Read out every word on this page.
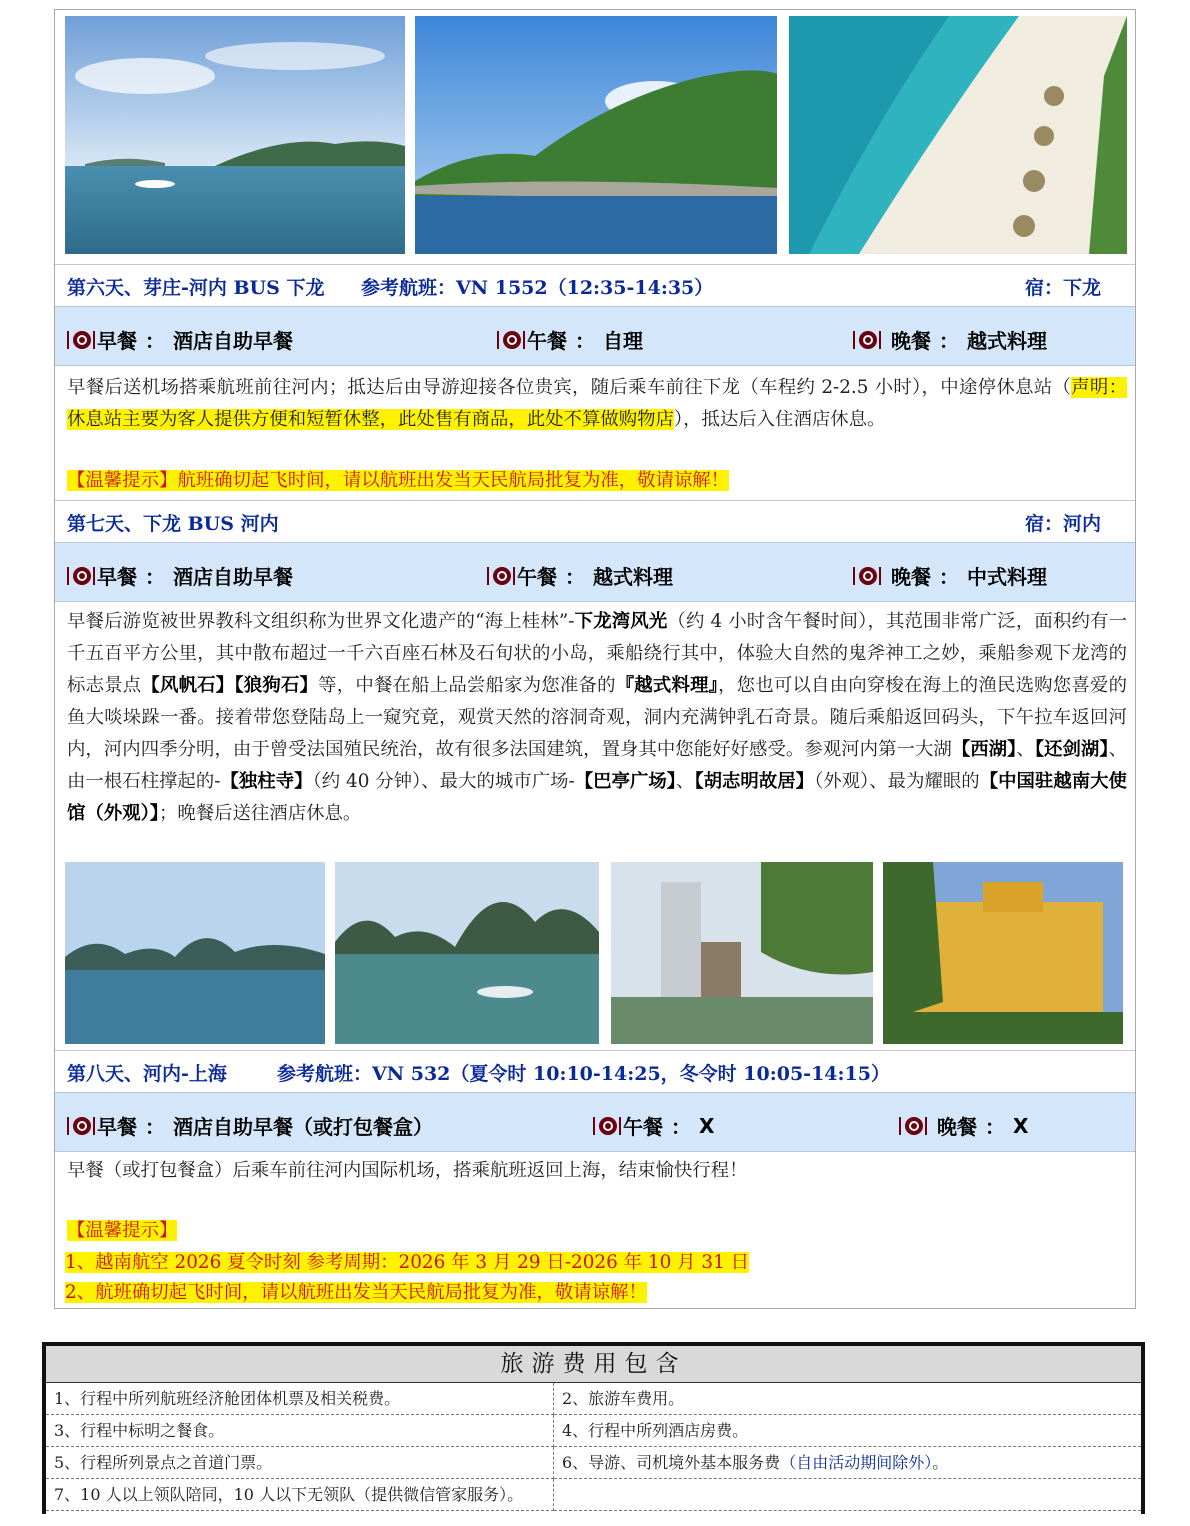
第六天、芽庄-河内 BUS 下龙 参考航班：VN 1552（12:35-14:35）	宿：下龙
早餐 ： 酒店自助早餐	午餐 ： 自理	晚餐 ： 越式料理
早餐后送机场搭乘航班前往河内；抵达后由导游迎接各位贵宾，随后乘车前往下龙（车程约 2-2.5 小时），中途停休息站（声明：休息站主要为客人提供方便和短暂休整，此处售有商品，此处不算做购物店），抵达后入住酒店休息。
【温馨提示】航班确切起飞时间，请以航班出发当天民航局批复为准，敬请谅解！
第七天、下龙 BUS 河内	宿：河内
早餐 ： 酒店自助早餐	午餐 ： 越式料理	晚餐 ： 中式料理
早餐后游览被世界教科文组织称为世界文化遗产的“海上桂林”-下龙湾风光（约 4 小时含午餐时间），其范围非常广泛，面积约有一千五百平方公里，其中散布超过一千六百座石林及石旬状的小岛，乘船绕行其中，体验大自然的鬼斧神工之妙，乘船参观下龙湾的标志景点【风帆石】【狼狗石】等，中餐在船上品尝船家为您准备的『越式料理』，您也可以自由向穿梭在海上的渔民选购您喜爱的鱼大啖垛跺一番。接着带您登陆岛上一窥究竟，观赏天然的溶洞奇观，洞内充满钟乳石奇景。随后乘船返回码头，下午拉车返回河内，河内四季分明，由于曾受法国殖民统治，故有很多法国建筑，置身其中您能好好感受。参观河内第一大湖【西湖】、【还剑湖】、由一根石柱撑起的-【独柱寺】（约 40 分钟）、最大的城市广场-【巴亭广场】、【胡志明故居】（外观）、最为耀眼的【中国驻越南大使馆（外观）】；晚餐后送往酒店休息。
第八天、河内-上海	参考航班：VN 532（夏令时 10:10-14:25，冬令时 10:05-14:15）
早餐 ： 酒店自助早餐（或打包餐盒）	午餐 ： X	晚餐 ： X
早餐（或打包餐盒）后乘车前往河内国际机场，搭乘航班返回上海，结束愉快行程！
【温馨提示】
1、越南航空 2026 夏令时刻 参考周期：2026 年 3 月 29 日-2026 年 10 月 31 日
2、航班确切起飞时间，请以航班出发当天民航局批复为准，敬请谅解！
旅游费用包含
1、行程中所列航班经济舱团体机票及相关税费。	2、旅游车费用。
3、行程中标明之餐食。	4、行程中所列酒店房费。
5、行程所列景点之首道门票。	6、导游、司机境外基本服务费（自由活动期间除外）。
7、10 人以上领队陪同，10 人以下无领队（提供微信管家服务）。
